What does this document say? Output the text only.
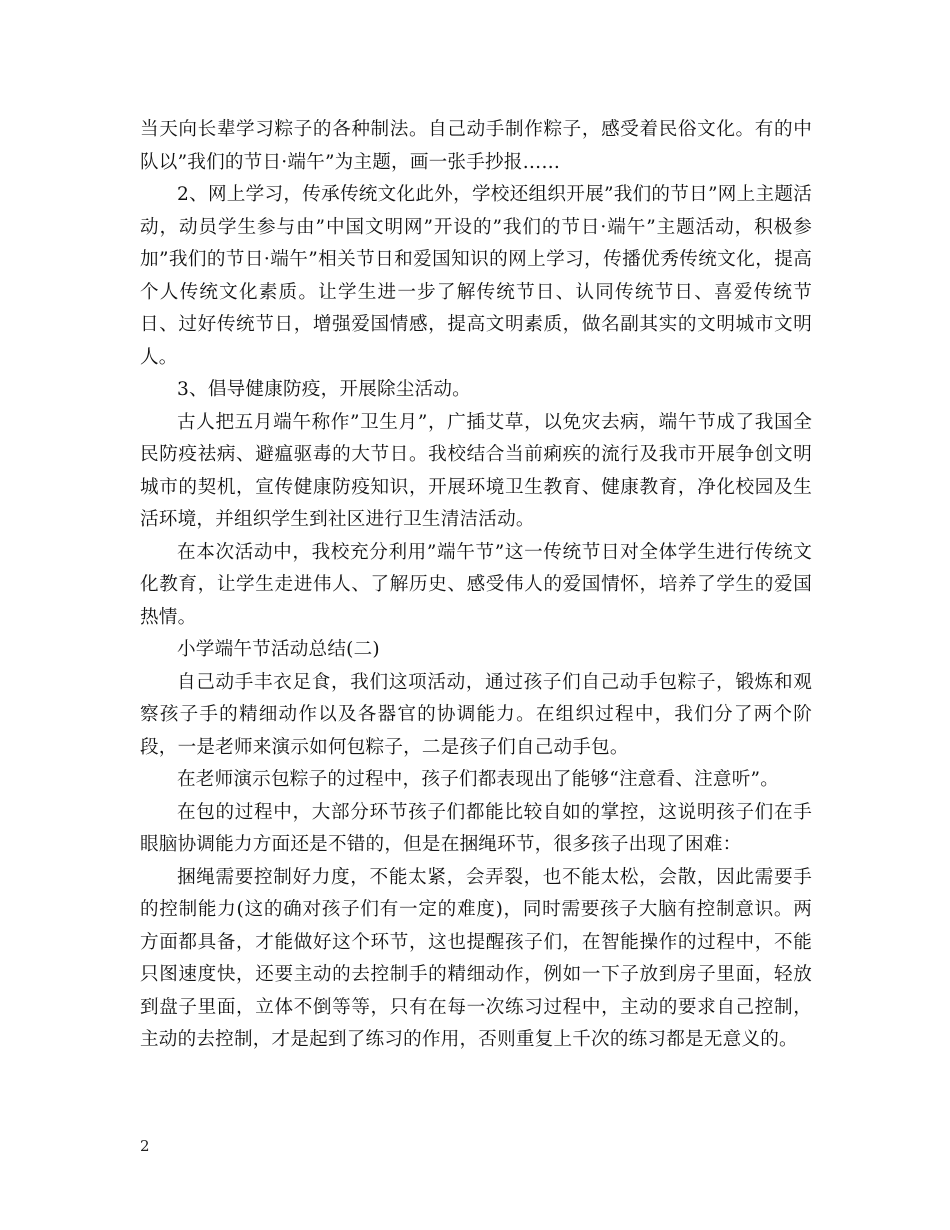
当天向长辈学习粽子的各种制法。自己动手制作粽子，感受着民俗文化。有的中队以”我们的节日·端午”为主题，画一张手抄报……

2、网上学习，传承传统文化此外，学校还组织开展”我们的节日”网上主题活动，动员学生参与由”中国文明网”开设的”我们的节日·端午”主题活动，积极参加”我们的节日·端午”相关节日和爱国知识的网上学习，传播优秀传统文化，提高个人传统文化素质。让学生进一步了解传统节日、认同传统节日、喜爱传统节日、过好传统节日，增强爱国情感，提高文明素质，做名副其实的文明城市文明人。

3、倡导健康防疫，开展除尘活动。

古人把五月端午称作”卫生月”，广插艾草，以免灾去病，端午节成了我国全民防疫祛病、避瘟驱毒的大节日。我校结合当前痢疾的流行及我市开展争创文明城市的契机，宣传健康防疫知识，开展环境卫生教育、健康教育，净化校园及生活环境，并组织学生到社区进行卫生清洁活动。

在本次活动中，我校充分利用”端午节”这一传统节日对全体学生进行传统文化教育，让学生走进伟人、了解历史、感受伟人的爱国情怀，培养了学生的爱国热情。

小学端午节活动总结(二)

自己动手丰衣足食，我们这项活动，通过孩子们自己动手包粽子，锻炼和观察孩子手的精细动作以及各器官的协调能力。在组织过程中，我们分了两个阶段，一是老师来演示如何包粽子，二是孩子们自己动手包。

在老师演示包粽子的过程中，孩子们都表现出了能够“注意看、注意听”。

在包的过程中，大部分环节孩子们都能比较自如的掌控，这说明孩子们在手眼脑协调能力方面还是不错的，但是在捆绳环节，很多孩子出现了困难：

捆绳需要控制好力度，不能太紧，会弄裂，也不能太松，会散，因此需要手的控制能力(这的确对孩子们有一定的难度)，同时需要孩子大脑有控制意识。两方面都具备，才能做好这个环节，这也提醒孩子们，在智能操作的过程中，不能只图速度快，还要主动的去控制手的精细动作，例如一下子放到房子里面，轻放到盘子里面，立体不倒等等，只有在每一次练习过程中，主动的要求自己控制，主动的去控制，才是起到了练习的作用，否则重复上千次的练习都是无意义的。

2
